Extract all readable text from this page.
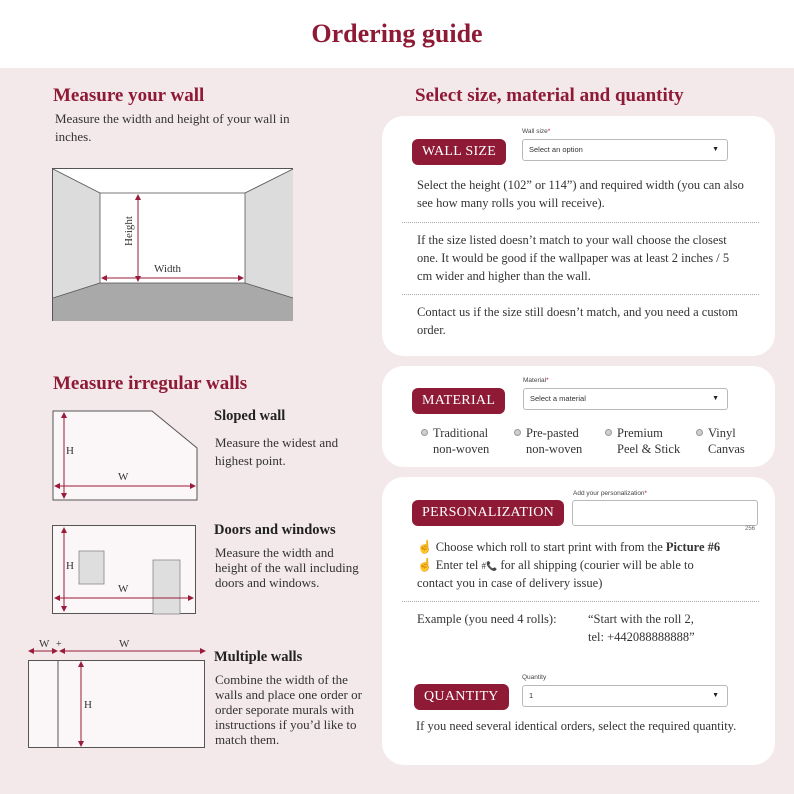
Ordering guide
Measure your wall
Measure the width and height of your wall in inches.
Height
Width
Measure irregular walls
H
W
Sloped wall
Measure the widest and highest point.
H
W
Doors and windows
Measure the width and height of the wall including doors and windows.
W +	W
H
Multiple walls
Combine the width of the walls and place one order or order seporate murals with instructions if you’d like to match them.
Select size, material and quantity
WALL SIZE
Wall size*
Select an option	▼
Select the height (102” or 114”) and required width (you can also see how many rolls you will receive).
If the size listed doesn’t match to your wall choose the closest one. It would be good if the wallpaper was at least 2 inches / 5 cm wider and higher than the wall.
Contact us if the size still doesn’t match, and you need a custom order.
MATERIAL
Material*
Select a material	▼
Traditional
non-woven
Pre-pasted
non-woven
Premium
Peel & Stick
Vinyl
Canvas
PERSONALIZATION
Add your personalization*
256
☝ Choose which roll to start print with from the Picture #6
☝ Enter tel #📞 for all shipping (courier will be able to
contact you in case of delivery issue)
Example (you need 4 rolls):	“Start with the roll 2,
tel: +442088888888”
QUANTITY
Quantity
1	▼
If you need several identical orders, select the required quantity.
